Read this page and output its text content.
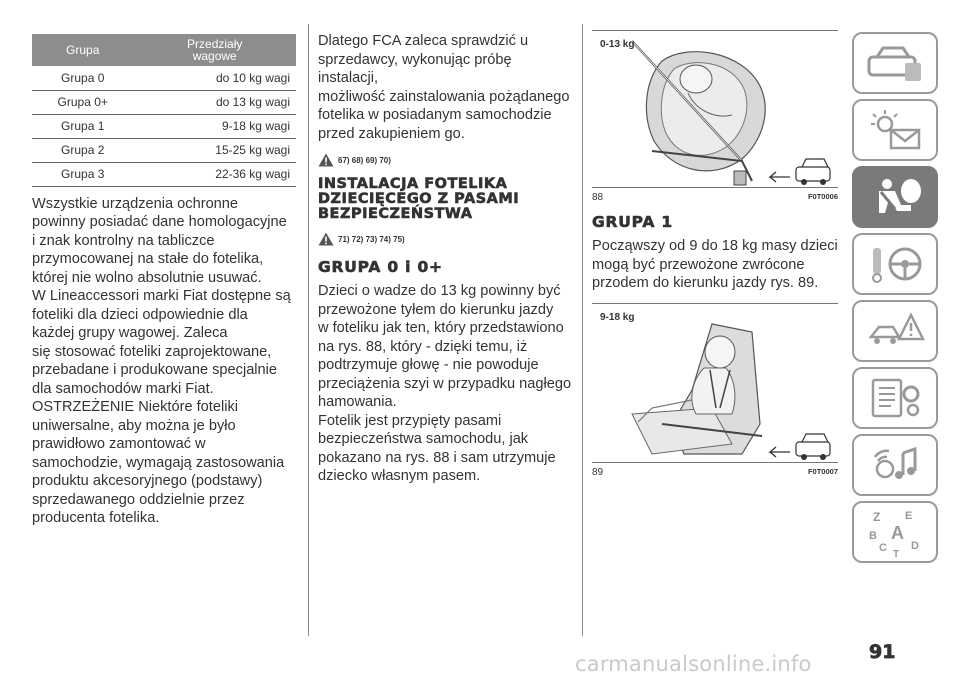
Grupa	Przedziały
wagowe
Grupa 0	do 10 kg wagi
Grupa 0+	do 13 kg wagi
Grupa 1	9-18 kg wagi
Grupa 2	15-25 kg wagi
Grupa 3	22-36 kg wagi

Wszystkie urządzenia ochronne
powinny posiadać dane homologacyjne
i znak kontrolny na tabliczce
przymocowanej na stałe do fotelika,
której nie wolno absolutnie usuwać.
W Lineaccessori marki Fiat dostępne są
foteliki dla dzieci odpowiednie dla
każdej grupy wagowej. Zaleca
się stosować foteliki zaprojektowane,
przebadane i produkowane specjalnie
dla samochodów marki Fiat.
OSTRZEŻENIE Niektóre foteliki
uniwersalne, aby można je było
prawidłowo zamontować w
samochodzie, wymagają zastosowania
produktu akcesoryjnego (podstawy)
sprzedawanego oddzielnie przez
producenta fotelika.

Dlatego FCA zaleca sprawdzić u
sprzedawcy, wykonując próbę instalacji,
możliwość zainstalowania pożądanego
fotelika w posiadanym samochodzie
przed zakupieniem go.

67) 68) 69) 70)
INSTALACJA FOTELIKA
DZIECIĘCEGO Z PASAMI
BEZPIECZEŃSTWA
71) 72) 73) 74) 75)
GRUPA 0 i 0+

Dzieci o wadze do 13 kg powinny być
przewożone tyłem do kierunku jazdy
w foteliku jak ten, który przedstawiono
na rys. 88, który - dzięki temu, iż
podtrzymuje głowę - nie powoduje
przeciążenia szyi w przypadku nagłego
hamowania.
Fotelik jest przypięty pasami
bezpieczeństwa samochodu, jak
pokazano na rys. 88 i sam utrzymuje
dziecko własnym pasem.

0-13 kg
88	F0T0006
GRUPA 1

Począwszy od 9 do 18 kg masy dzieci
mogą być przewożone zwrócone
przodem do kierunku jazdy rys. 89.

9-18 kg
89	F0T0007
Z E
B A
C D
T
91
carmanualsonline.info
